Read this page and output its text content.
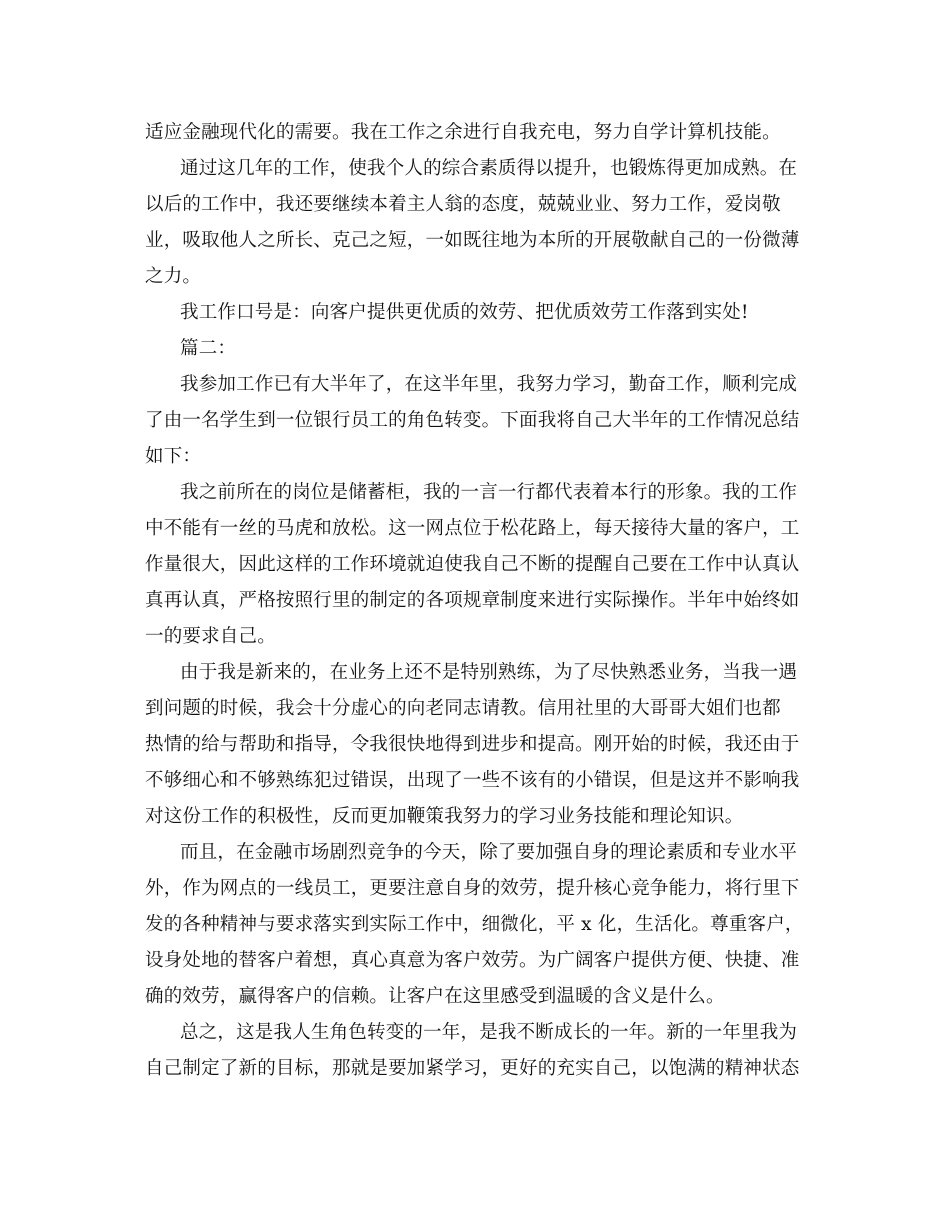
适应金融现代化的需要。我在工作之余进行自我充电，努力自学计算机技能。
通过这几年的工作，使我个人的综合素质得以提升，也锻炼得更加成熟。在
以后的工作中，我还要继续本着主人翁的态度，兢兢业业、努力工作，爱岗敬
业，吸取他人之所长、克己之短，一如既往地为本所的开展敬献自己的一份微薄
之力。
我工作口号是：向客户提供更优质的效劳、把优质效劳工作落到实处!
篇二：
我参加工作已有大半年了，在这半年里，我努力学习，勤奋工作，顺利完成
了由一名学生到一位银行员工的角色转变。下面我将自己大半年的工作情况总结
如下：
我之前所在的岗位是储蓄柜，我的一言一行都代表着本行的形象。我的工作
中不能有一丝的马虎和放松。这一网点位于松花路上，每天接待大量的客户，工
作量很大，因此这样的工作环境就迫使我自己不断的提醒自己要在工作中认真认
真再认真，严格按照行里的制定的各项规章制度来进行实际操作。半年中始终如
一的要求自己。
由于我是新来的，在业务上还不是特别熟练，为了尽快熟悉业务，当我一遇
到问题的时候，我会十分虚心的向老同志请教。信用社里的大哥哥大姐们也都
热情的给与帮助和指导，令我很快地得到进步和提高。刚开始的时候，我还由于
不够细心和不够熟练犯过错误，出现了一些不该有的小错误，但是这并不影响我
对这份工作的积极性，反而更加鞭策我努力的学习业务技能和理论知识。
而且，在金融市场剧烈竞争的今天，除了要加强自身的理论素质和专业水平
外，作为网点的一线员工，更要注意自身的效劳，提升核心竞争能力，将行里下
发的各种精神与要求落实到实际工作中，细微化，平 x 化，生活化。尊重客户，
设身处地的替客户着想，真心真意为客户效劳。为广阔客户提供方便、快捷、准
确的效劳，赢得客户的信赖。让客户在这里感受到温暖的含义是什么。
总之，这是我人生角色转变的一年，是我不断成长的一年。新的一年里我为
自己制定了新的目标，那就是要加紧学习，更好的充实自己，以饱满的精神状态
